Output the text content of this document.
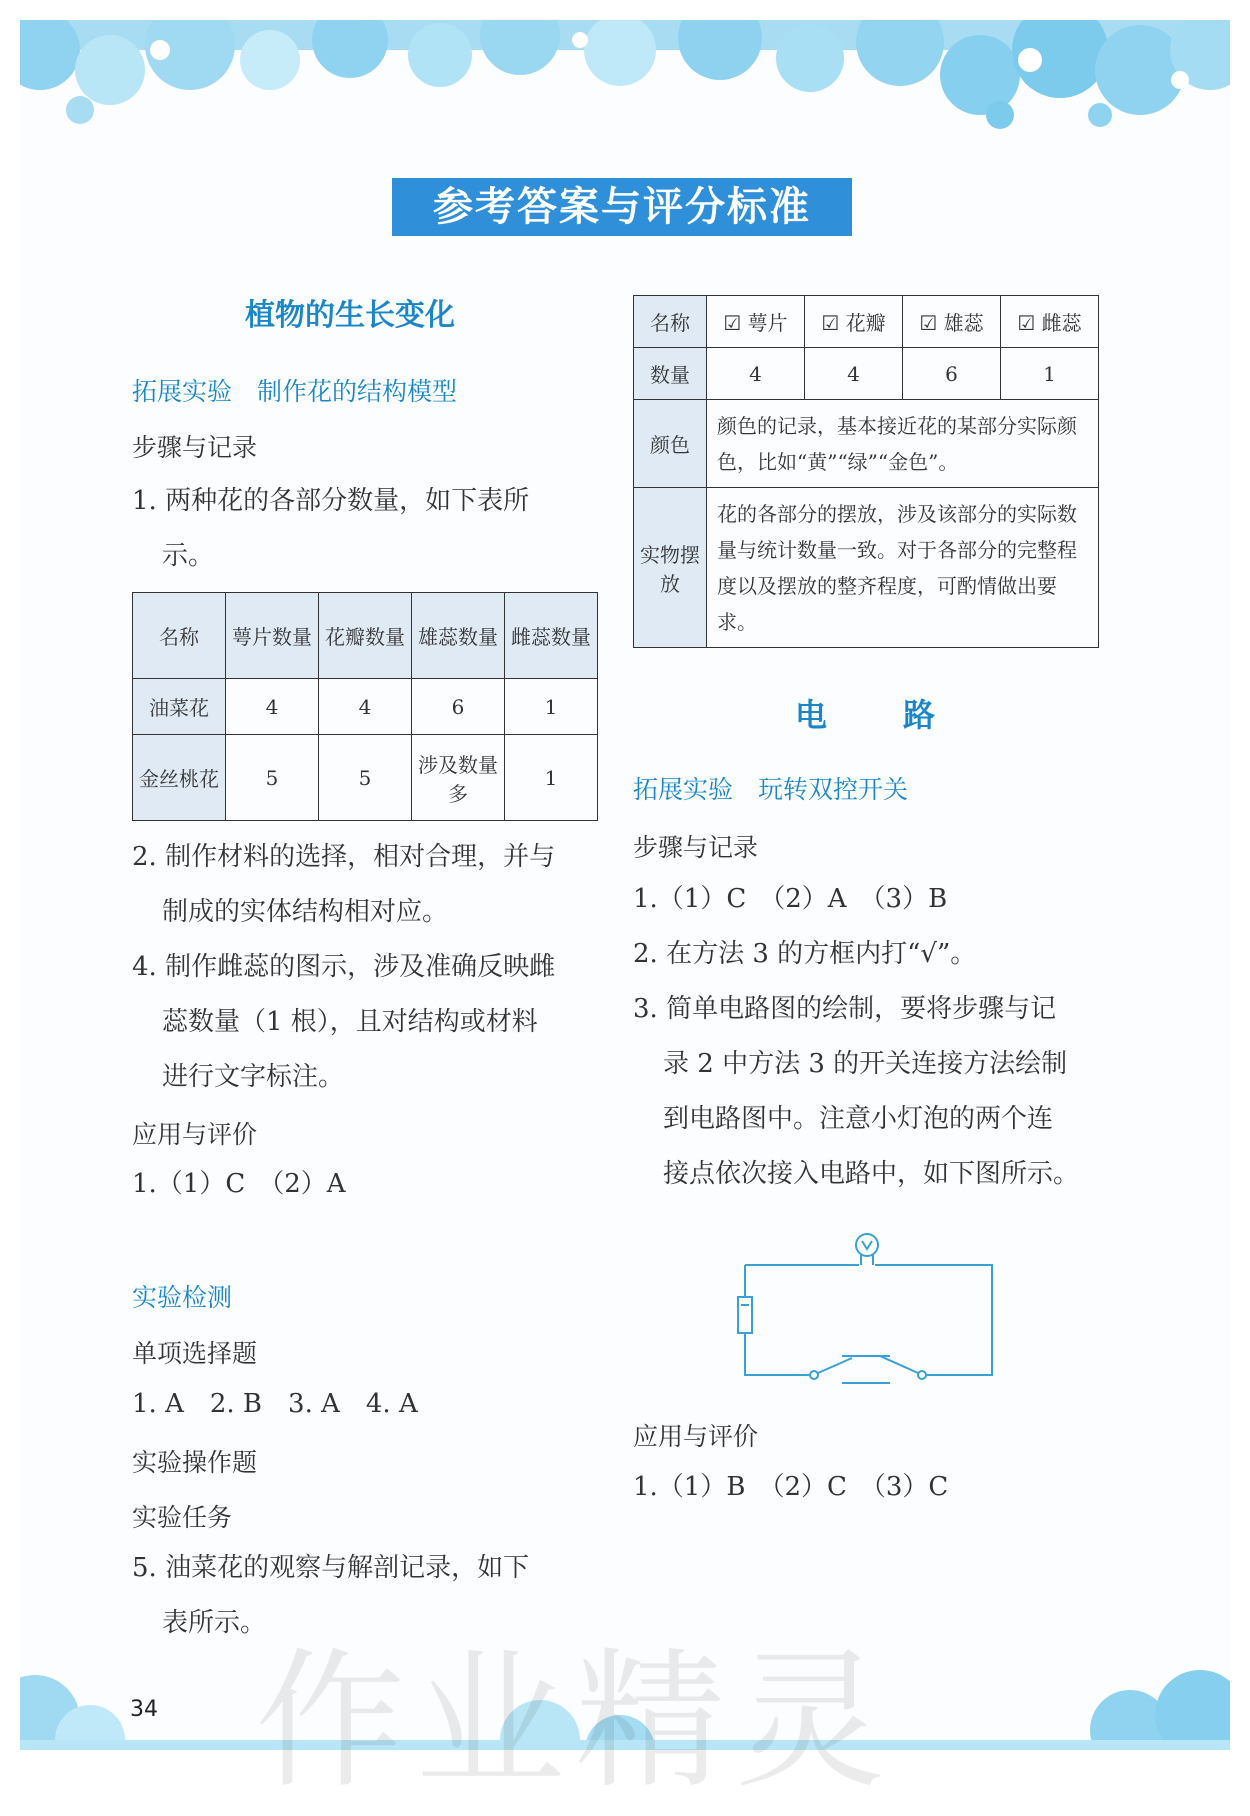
参考答案与评分标准
植物的生长变化
拓展实验　制作花的结构模型
步骤与记录
1. 两种花的各部分数量，如下表所
示。
名称	萼片数量	花瓣数量	雄蕊数量	雌蕊数量
油菜花	4	4	6	1
金丝桃花	5	5	涉及数量多	1
2. 制作材料的选择，相对合理，并与
制成的实体结构相对应。
4. 制作雌蕊的图示，涉及准确反映雌
蕊数量（1 根），且对结构或材料
进行文字标注。
应用与评价
1.（1）C　（2）A
实验检测
单项选择题
1. A　2. B　3. A　4. A
实验操作题
实验任务
5. 油菜花的观察与解剖记录，如下
表所示。
名称	☑ 萼片	☑ 花瓣	☑ 雄蕊	☑ 雌蕊
数量	4	4	6	1
颜色	颜色的记录，基本接近花的某部分实际颜色，比如“黄”“绿”“金色”。			
实物摆放	花的各部分的摆放，涉及该部分的实际数量与统计数量一致。对于各部分的完整程度以及摆放的整齐程度，可酌情做出要求。			
电　　路
拓展实验　玩转双控开关
步骤与记录
1.（1）C　（2）A　（3）B
2. 在方法 3 的方框内打“√”。
3. 简单电路图的绘制，要将步骤与记
录 2 中方法 3 的开关连接方法绘制
到电路图中。注意小灯泡的两个连
接点依次接入电路中，如下图所示。
应用与评价
1.（1）B　（2）C　（3）C
作业精灵
34
